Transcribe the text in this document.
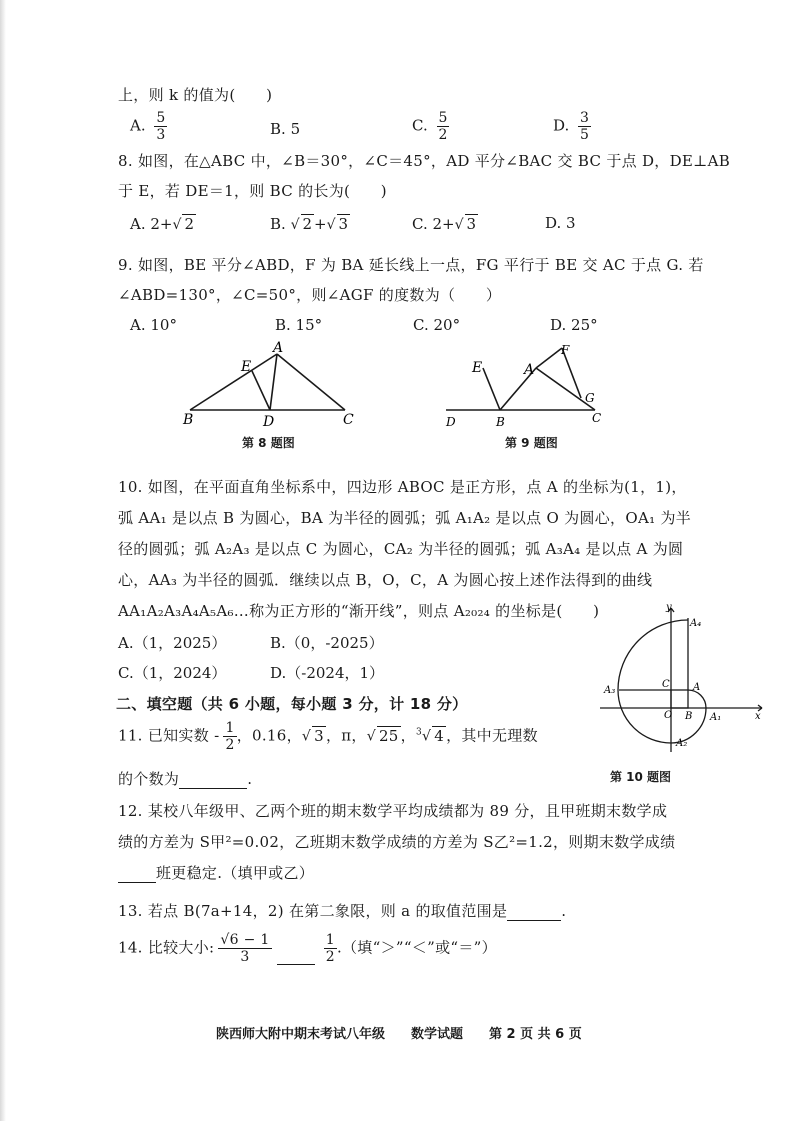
上，则 k 的值为(　　)
A. $\frac{5}{3}$	B. 5	C. $\frac{5}{2}$	D. $\frac{3}{5}$
8. 如图，在△ABC 中，∠B＝30°，∠C＝45°，AD 平分∠BAC 交 BC 于点 D，DE⊥AB
于 E，若 DE＝1，则 BC 的长为(　　)
A. 2+√ 2	B. √ 2 +√ 3	C. 2+√ 3	D. 3
9. 如图，BE 平分∠ABD，F 为 BA 延长线上一点，FG 平行于 BE 交 AC 于点 G. 若
∠ABD=130°，∠C=50°，则∠AGF 的度数为（　　）
A. 10°	B. 15°	C. 20°	D. 25°
A
B	C
D
E
第 8 题图
E	A
F
G
C
B
D
第 9 题图
10. 如图，在平面直角坐标系中，四边形 ABOC 是正方形，点 A 的坐标为(1，1)，
弧 AA₁ 是以点 B 为圆心，BA 为半径的圆弧；弧 A₁A₂ 是以点 O 为圆心，OA₁ 为半
径的圆弧；弧 A₂A₃ 是以点 C 为圆心，CA₂ 为半径的圆弧；弧 A₃A₄ 是以点 A 为圆
心，AA₃ 为半径的圆弧．继续以点 B，O，C，A 为圆心按上述作法得到的曲线
AA₁A₂A₃A₄A₅A₆…称为正方形的“渐开线”，则点 A₂₀₂₄ 的坐标是(　　)
A.（1，2025）	B.（0，-2025）
C.（1，2024）	D.（-2024，1）
y
x
O
A
B
C
A₁
A₂
A₃
A₄
第 10 题图
二、填空题（共 6 小题，每小题 3 分，计 18 分）
11. 已知实数 - $\frac{1}{2}$ ，0.16，√ 3 ，π，√ 25 ，$^3$√ 4 ，其中无理数
的个数为	.
12. 某校八年级甲、乙两个班的期末数学平均成绩都为 89 分，且甲班期末数学成
绩的方差为 S甲²=0.02，乙班期末数学成绩的方差为 S乙²=1.2，则期末数学成绩
班更稳定.（填甲或乙）
13. 若点 B(7a+14，2) 在第二象限，则 a 的取值范围是	.
14. 比较大小: $\frac{√6 - 1}{3}$
	$\frac{1}{2}$ .（填“＞”“＜”或“＝”）
陕西师大附中期末考试八年级　　数学试题　　第 2 页 共 6 页
